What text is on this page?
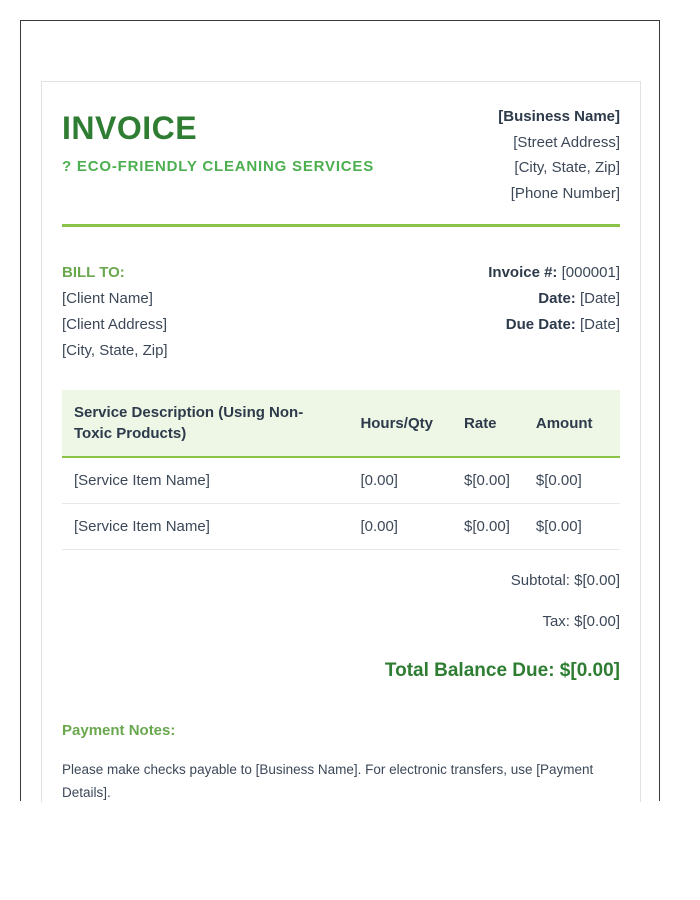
INVOICE
? ECO-FRIENDLY CLEANING SERVICES
[Business Name]
[Street Address]
[City, State, Zip]
[Phone Number]
BILL TO:
[Client Name]
[Client Address]
[City, State, Zip]
Invoice #: [000001]
Date: [Date]
Due Date: [Date]
Service Description (Using Non-Toxic Products)	Hours/Qty	Rate	Amount
[Service Item Name]	[0.00]	$[0.00]	$[0.00]
[Service Item Name]	[0.00]	$[0.00]	$[0.00]
Subtotal: $[0.00]
Tax: $[0.00]
Total Balance Due: $[0.00]
Payment Notes:
Please make checks payable to [Business Name]. For electronic transfers, use [Payment Details].
